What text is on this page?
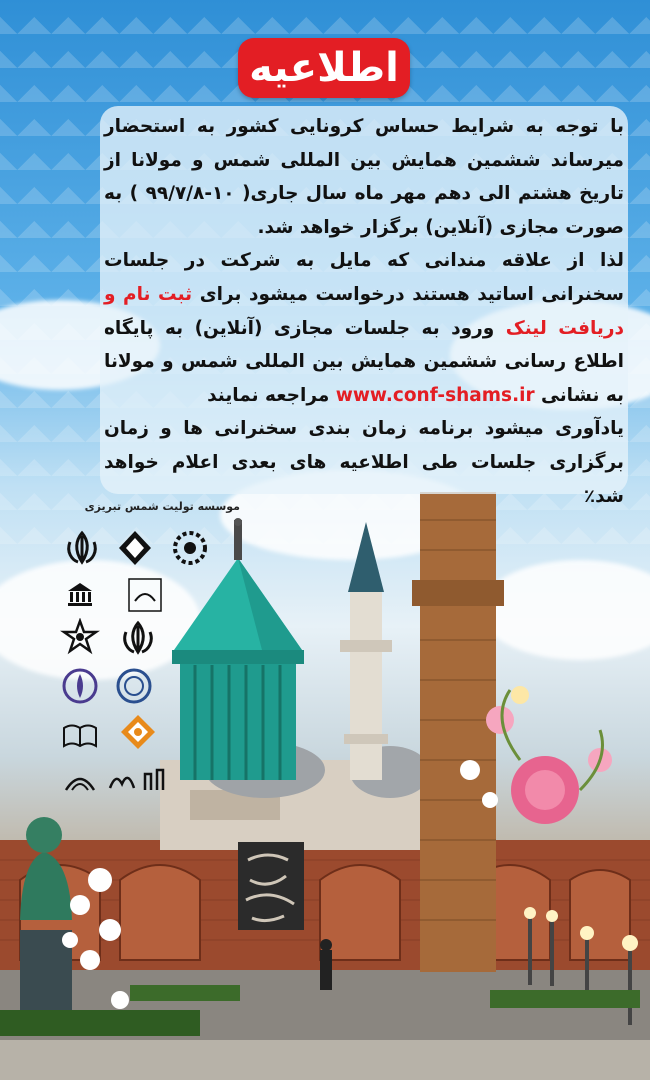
اطلاعیه

با توجه به شرایط حساس کرونایی کشور به استحضار میرساند ششمین همایش بین المللی شمس و مولانا از تاریخ هشتم الی دهم مهر ماه سال جاری( ۱۰-۹۹/۷/۸ ) به صورت مجازی (آنلاین) برگزار خواهد شد.

لذا از علاقه مندانی که مایل به شرکت در جلسات سخنرانی اساتید هستند درخواست میشود برای ثبت نام و دریافت لینک ورود به جلسات مجازی (آنلاین) به پایگاه اطلاع رسانی ششمین همایش بین المللی شمس و مولانا به نشانی www.conf-shams.ir مراجعه نمایند

یادآوری میشود برنامه زمان بندی سخنرانی ها و زمان برگزاری جلسات طی اطلاعیه های بعدی اعلام خواهد شد٪

موسسه تولیت شمس تبریزی
